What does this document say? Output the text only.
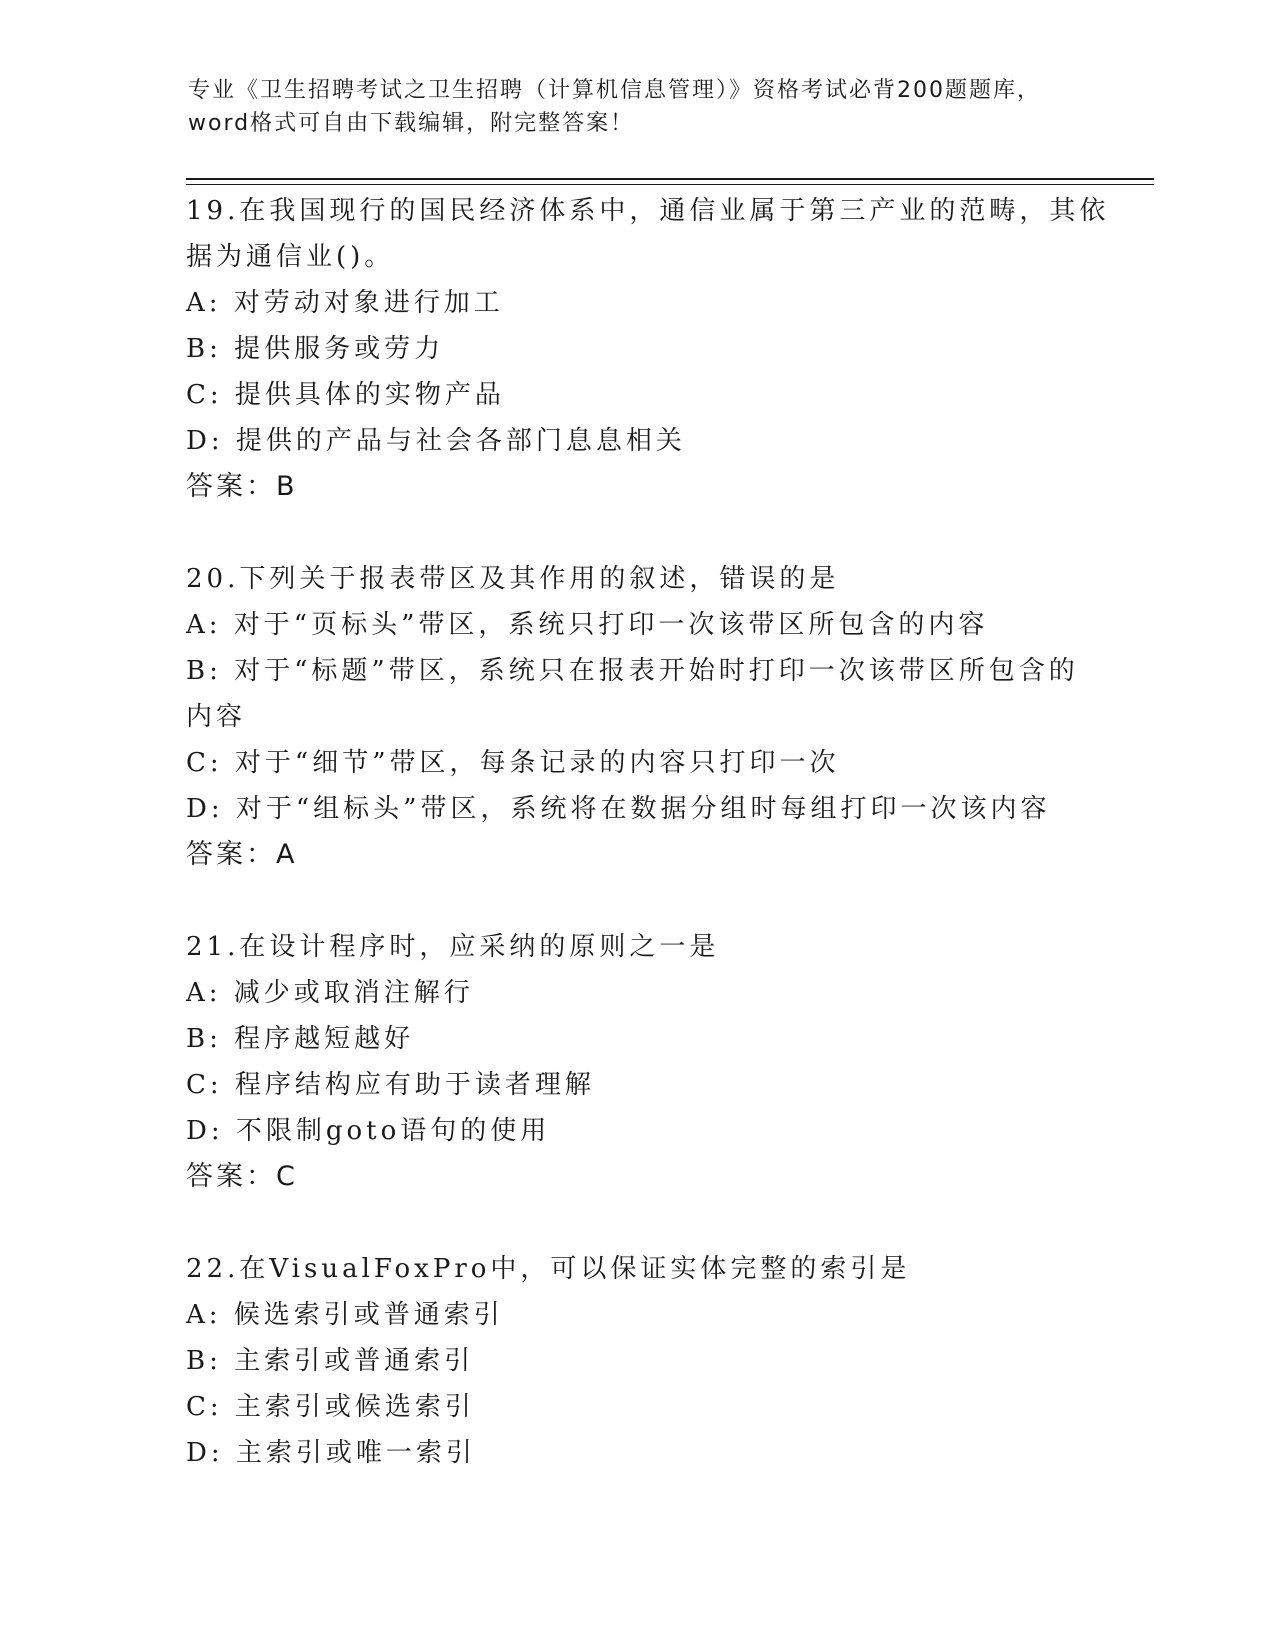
专业《卫生招聘考试之卫生招聘（计算机信息管理）》资格考试必背200题题库，
word格式可自由下载编辑，附完整答案！
19.在我国现行的国民经济体系中，通信业属于第三产业的范畴，其依
据为通信业()。
A: 对劳动对象进行加工
B: 提供服务或劳力
C: 提供具体的实物产品
D: 提供的产品与社会各部门息息相关
答案：B
20.下列关于报表带区及其作用的叙述，错误的是
A: 对于“页标头”带区，系统只打印一次该带区所包含的内容
B: 对于“标题”带区，系统只在报表开始时打印一次该带区所包含的
内容
C: 对于“细节”带区，每条记录的内容只打印一次
D: 对于“组标头”带区，系统将在数据分组时每组打印一次该内容
答案：A
21.在设计程序时，应采纳的原则之一是
A: 减少或取消注解行
B: 程序越短越好
C: 程序结构应有助于读者理解
D: 不限制goto语句的使用
答案：C
22.在VisualFoxPro中，可以保证实体完整的索引是
A: 候选索引或普通索引
B: 主索引或普通索引
C: 主索引或候选索引
D: 主索引或唯一索引
